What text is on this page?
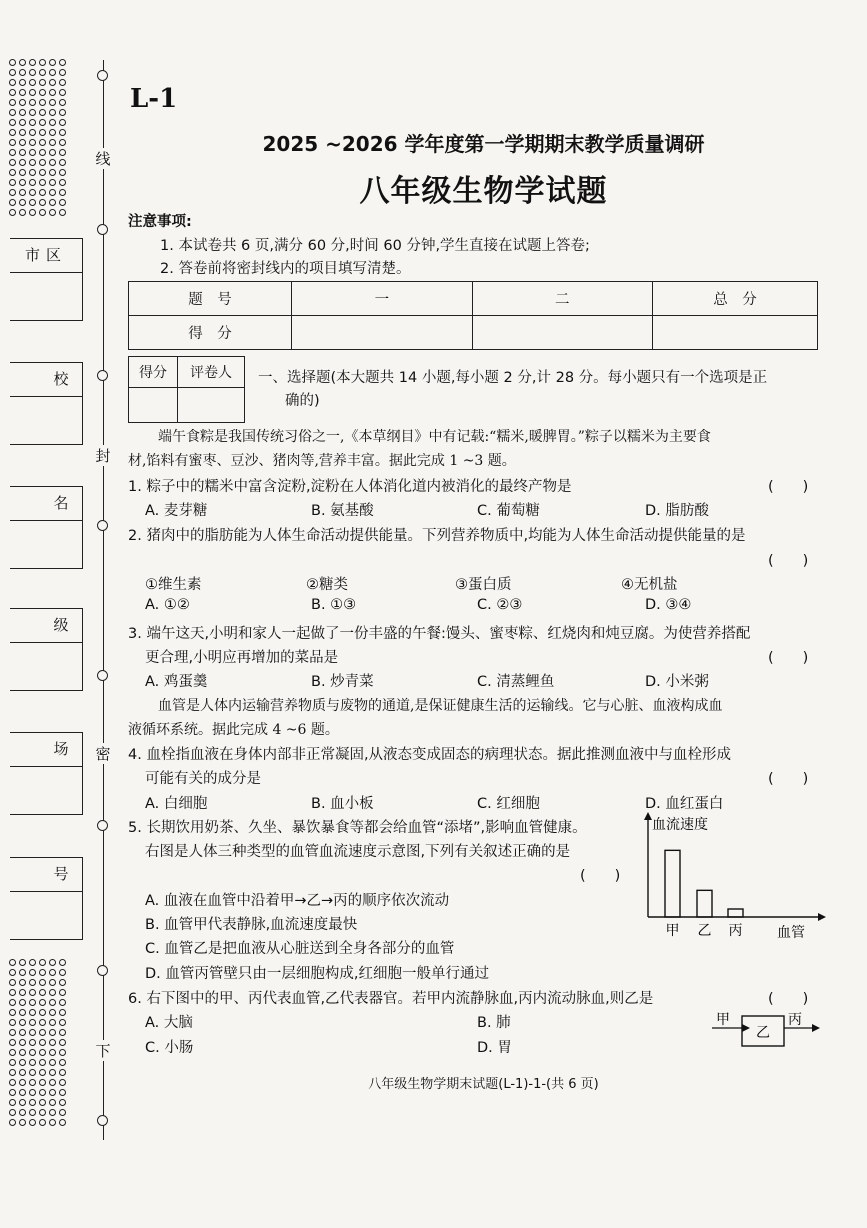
线
封
密
下
市区
校
名
级
场
号
L-1
2025 ~2026 学年度第一学期期末教学质量调研
八年级生物学试题
注意事项:
1. 本试卷共 6 页,满分 60 分,时间 60 分钟,学生直接在试题上答卷;
2. 答卷前将密封线内的项目填写清楚。
题　号	一	二	总　分
得　分			
得分	评卷人
	一、选择题(本大题共 14 小题,每小题 2 分,计 28 分。每小题只有一个选项是正
确的)
端午食粽是我国传统习俗之一,《本草纲目》中有记载:“糯米,暖脾胃。”粽子以糯米为主要食
材,馅料有蜜枣、豆沙、猪肉等,营养丰富。据此完成 1 ~3 题。
1. 粽子中的糯米中富含淀粉,淀粉在人体消化道内被消化的最终产物是	(　　)
A. 麦芽糖	B. 氨基酸	C. 葡萄糖	D. 脂肪酸
2. 猪肉中的脂肪能为人体生命活动提供能量。下列营养物质中,均能为人体生命活动提供能量的是
(　　)
①维生素	②糖类	③蛋白质	④无机盐
A. ①②	B. ①③	C. ②③	D. ③④
3. 端午这天,小明和家人一起做了一份丰盛的午餐:馒头、蜜枣粽、红烧肉和炖豆腐。为使营养搭配
更合理,小明应再增加的菜品是	(　　)
A. 鸡蛋羹	B. 炒青菜	C. 清蒸鲤鱼	D. 小米粥
血管是人体内运输营养物质与废物的通道,是保证健康生活的运输线。它与心脏、血液构成血
液循环系统。据此完成 4 ~6 题。
4. 血栓指血液在身体内部非正常凝固,从液态变成固态的病理状态。据此推测血液中与血栓形成
可能有关的成分是	(　　)
A. 白细胞	B. 血小板	C. 红细胞	D. 血红蛋白
5. 长期饮用奶茶、久坐、暴饮暴食等都会给血管“添堵”,影响血管健康。
右图是人体三种类型的血管血流速度示意图,下列有关叙述正确的是
(　　)
A. 血液在血管中沿着甲→乙→丙的顺序依次流动
B. 血管甲代表静脉,血流速度最快
C. 血管乙是把血液从心脏送到全身各部分的血管
D. 血管丙管壁只由一层细胞构成,红细胞一般单行通过
血流速度
血管
甲 乙 丙
6. 右下图中的甲、丙代表血管,乙代表器官。若甲内流静脉血,丙内流动脉血,则乙是	(　　)
A. 大脑	B. 肺
C. 小肠	D. 胃
甲
乙
丙
八年级生物学期末试题(L-1)-1-(共 6 页)
